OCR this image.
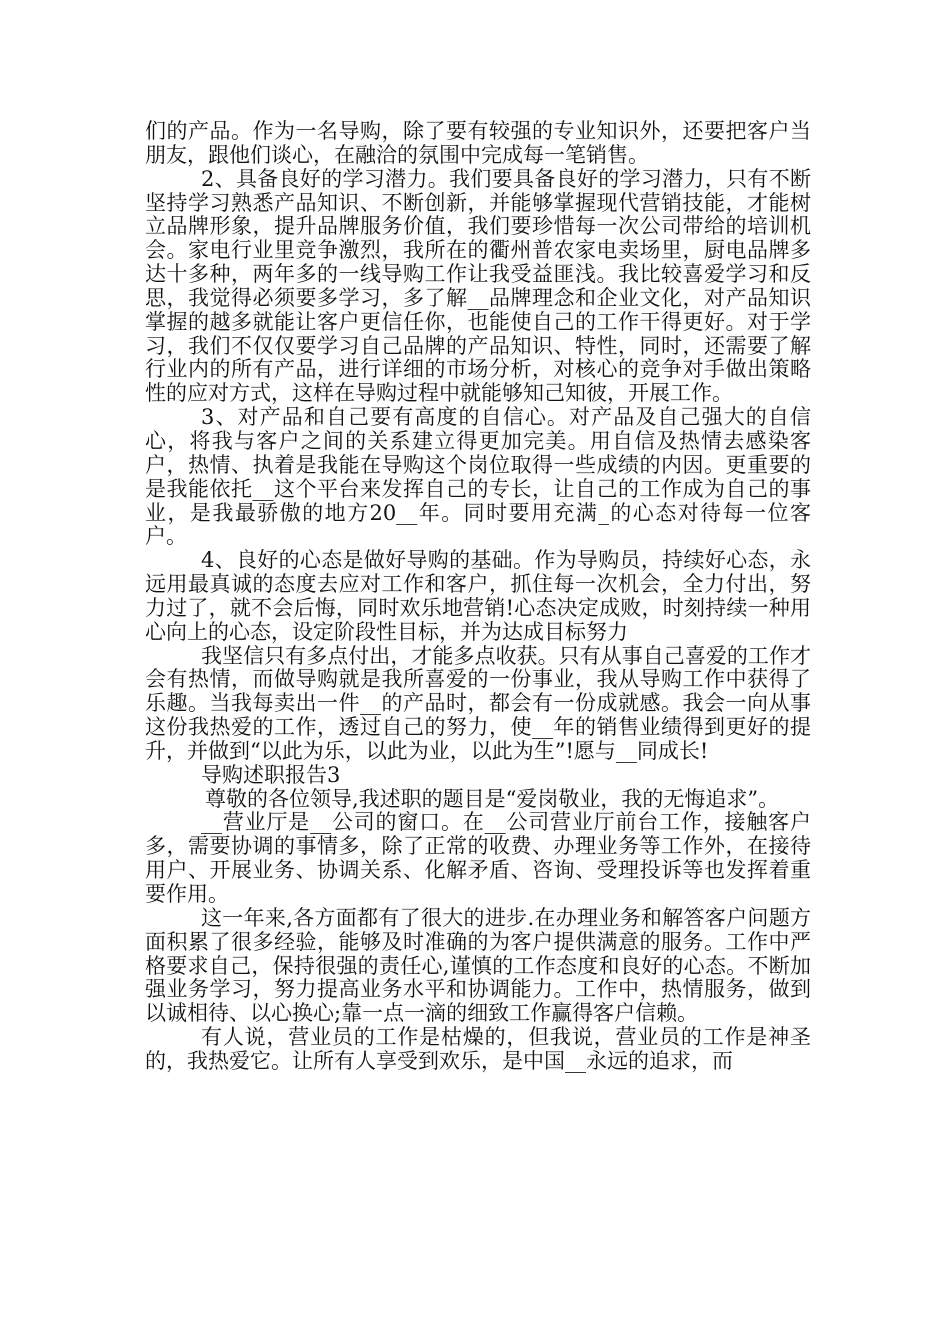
们的产品。作为一名导购，除了要有较强的专业知识外，还要把客户当朋友，跟他们谈心，在融洽的氛围中完成每一笔销售。

2、具备良好的学习潜力。我们要具备良好的学习潜力，只有不断坚持学习熟悉产品知识、不断创新，并能够掌握现代营销技能，才能树立品牌形象，提升品牌服务价值，我们要珍惜每一次公司带给的培训机会。家电行业里竞争激烈，我所在的衢州普农家电卖场里，厨电品牌多达十多种，两年多的一线导购工作让我受益匪浅。我比较喜爱学习和反思，我觉得必须要多学习，多了解__品牌理念和企业文化，对产品知识掌握的越多就能让客户更信任你，也能使自己的工作干得更好。对于学习，我们不仅仅要学习自己品牌的产品知识、特性，同时，还需要了解行业内的所有产品，进行详细的市场分析，对核心的竞争对手做出策略性的应对方式，这样在导购过程中就能够知己知彼，开展工作。

3、对产品和自己要有高度的自信心。对产品及自己强大的自信心，将我与客户之间的关系建立得更加完美。用自信及热情去感染客户，热情、执着是我能在导购这个岗位取得一些成绩的内因。更重要的是我能依托__这个平台来发挥自己的专长，让自己的工作成为自己的事业，是我最骄傲的地方20__年。同时要用充满_的心态对待每一位客户。

4、良好的心态是做好导购的基础。作为导购员，持续好心态，永远用最真诚的态度去应对工作和客户，抓住每一次机会，全力付出，努力过了，就不会后悔，同时欢乐地营销!心态决定成败，时刻持续一种用心向上的心态，设定阶段性目标，并为达成目标努力

我坚信只有多点付出，才能多点收获。只有从事自己喜爱的工作才会有热情，而做导购就是我所喜爱的一份事业，我从导购工作中获得了乐趣。当我每卖出一件__的产品时，都会有一份成就感。我会一向从事这份我热爱的工作，透过自己的努力，使__年的销售业绩得到更好的提升，并做到“以此为乐，以此为业，以此为生”!愿与__同成长!

导购述职报告3

尊敬的各位领导,我述职的题目是“爱岗敬业，我的无悔追求”。

__营业厅是__公司的窗口。在__公司营业厅前台工作，接触客户多，需要协调的事情多，除了正常的收费、办理业务等工作外，在接待用户、开展业务、协调关系、化解矛盾、咨询、受理投诉等也发挥着重要作用。

这一年来,各方面都有了很大的进步.在办理业务和解答客户问题方面积累了很多经验，能够及时准确的为客户提供满意的服务。工作中严格要求自己，保持很强的责任心,谨慎的工作态度和良好的心态。不断加强业务学习，努力提高业务水平和协调能力。工作中，热情服务，做到以诚相待、以心换心;靠一点一滴的细致工作赢得客户信赖。

有人说，营业员的工作是枯燥的，但我说，营业员的工作是神圣的，我热爱它。让所有人享受到欢乐，是中国__永远的追求，而
